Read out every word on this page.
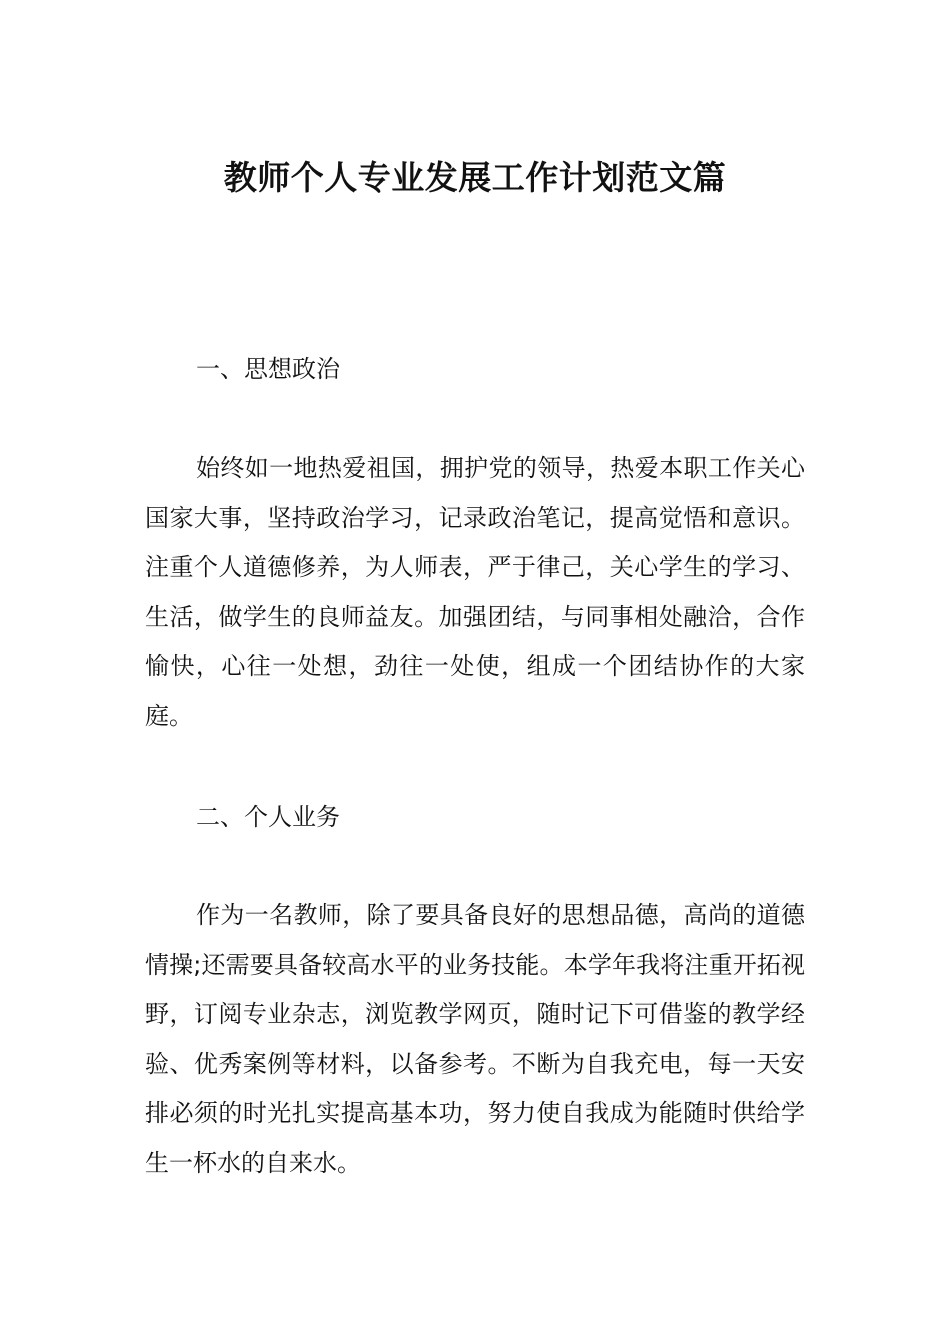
教师个人专业发展工作计划范文篇
一、思想政治

始终如一地热爱祖国，拥护党的领导，热爱本职工作关心国家大事，坚持政治学习，记录政治笔记，提高觉悟和意识。注重个人道德修养，为人师表，严于律己，关心学生的学习、生活，做学生的良师益友。加强团结，与同事相处融洽，合作愉快，心往一处想，劲往一处使，组成一个团结协作的大家庭。

二、个人业务

作为一名教师，除了要具备良好的思想品德，高尚的道德情操;还需要具备较高水平的业务技能。本学年我将注重开拓视野，订阅专业杂志，浏览教学网页，随时记下可借鉴的教学经验、优秀案例等材料，以备参考。不断为自我充电，每一天安排必须的时光扎实提高基本功，努力使自我成为能随时供给学生一杯水的自来水。
